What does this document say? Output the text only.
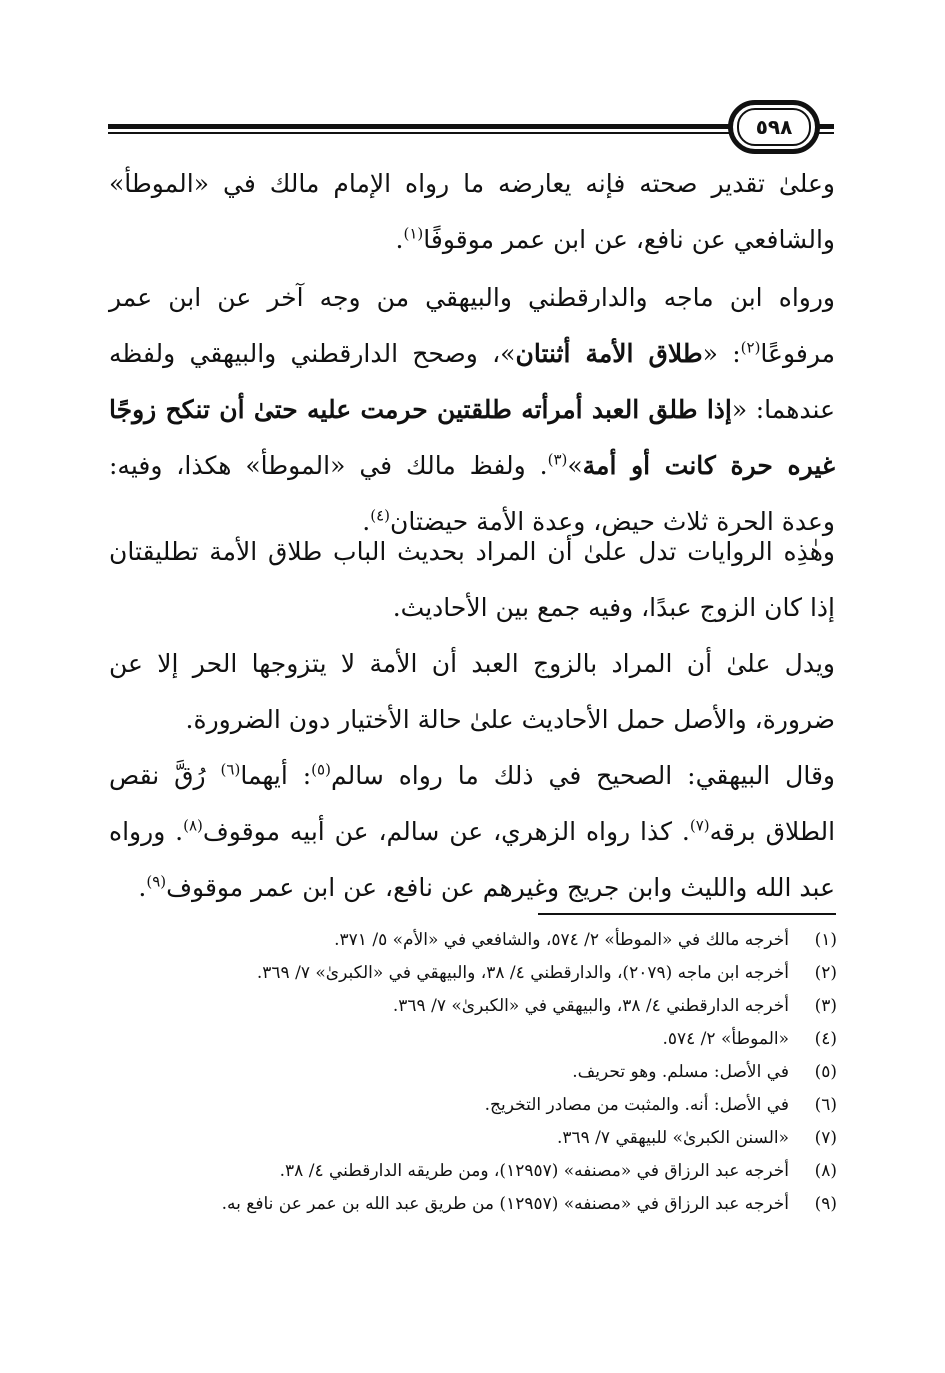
٥٩٨
وعلىٰ تقدير صحته فإنه يعارضه ما رواه الإمام مالك في «الموطأ» والشافعي عن نافع، عن ابن عمر موقوفًا$^{(١)}$.
ورواه ابن ماجه والدارقطني والبيهقي من وجه آخر عن ابن عمر مرفوعًا$^{(٢)}$: «طلاق الأمة أثنتان»، وصحح الدارقطني والبيهقي ولفظه عندهما: «إذا طلق العبد أمرأته طلقتين حرمت عليه حتىٰ أن تنكح زوجًا غيره حرة كانت أو أمة»$^{(٣)}$. ولفظ مالك في «الموطأ» هكذا، وفيه: وعدة الحرة ثلاث حيض، وعدة الأمة حيضتان$^{(٤)}$.
وهٰذِه الروايات تدل علىٰ أن المراد بحديث الباب طلاق الأمة تطليقتان إذا كان الزوج عبدًا، وفيه جمع بين الأحاديث.
ويدل علىٰ أن المراد بالزوج العبد أن الأمة لا يتزوجها الحر إلا عن ضرورة، والأصل حمل الأحاديث علىٰ حالة الأختيار دون الضرورة.
وقال البيهقي: الصحيح في ذلك ما رواه سالم$^{(٥)}$: أيهما$^{(٦)}$ رُقَّ نقص الطلاق برقه$^{(٧)}$. كذا رواه الزهري، عن سالم، عن أبيه موقوف$^{(٨)}$. ورواه عبد الله والليث وابن جريج وغيرهم عن نافع، عن ابن عمر موقوف$^{(٩)}$.
(١)
أخرجه مالك في «الموطأ» ٢/ ٥٧٤، والشافعي في «الأم» ٥/ ٣٧١.
(٢)
أخرجه ابن ماجه (٢٠٧٩)، والدارقطني ٤/ ٣٨، والبيهقي في «الكبرىٰ» ٧/ ٣٦٩.
(٣)
أخرجه الدارقطني ٤/ ٣٨، والبيهقي في «الكبرىٰ» ٧/ ٣٦٩.
(٤)
«الموطأ» ٢/ ٥٧٤.
(٥)
في الأصل: مسلم. وهو تحريف.
(٦)
في الأصل: أنه. والمثبت من مصادر التخريج.
(٧)
«السنن الكبرىٰ» للبيهقي ٧/ ٣٦٩.
(٨)
أخرجه عبد الرزاق في «مصنفه» (١٢٩٥٧)، ومن طريقه الدارقطني ٤/ ٣٨.
(٩)
أخرجه عبد الرزاق في «مصنفه» (١٢٩٥٧) من طريق عبد الله بن عمر عن نافع به.
